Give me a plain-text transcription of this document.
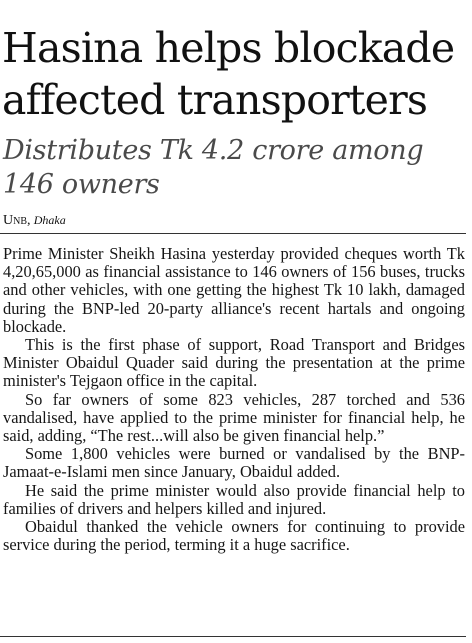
Hasina helps blockade affected transporters
Distributes Tk 4.2 crore among 146 owners
Unb, Dhaka

Prime Minister Sheikh Hasina yesterday provided cheques worth Tk 4,20,65,000 as financial assistance to 146 owners of 156 buses, trucks and other vehicles, with one getting the highest Tk 10 lakh, damaged during the BNP-led 20-party alliance's recent hartals and ongoing blockade.

This is the first phase of support, Road Transport and Bridges Minister Obaidul Quader said during the presentation at the prime minister's Tejgaon office in the capital.

So far owners of some 823 vehicles, 287 torched and 536 vandalised, have applied to the prime minister for financial help, he said, adding, “The rest...will also be given financial help.”

Some 1,800 vehicles were burned or vandalised by the BNP-Jamaat-e-Islami men since January, Obaidul added.

He said the prime minister would also provide financial help to families of drivers and helpers killed and injured.

Obaidul thanked the vehicle owners for continuing to provide service during the period, terming it a huge sacrifice.
